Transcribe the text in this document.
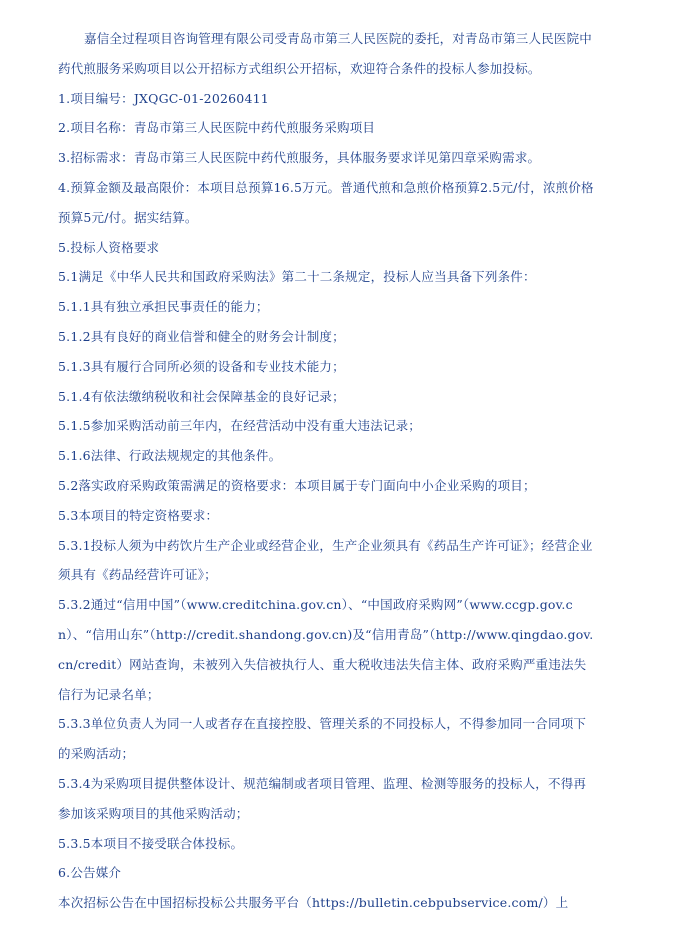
嘉信全过程项目咨询管理有限公司受青岛市第三人民医院的委托，对青岛市第三人民医院中药代煎服务采购项目以公开招标方式组织公开招标，欢迎符合条件的投标人参加投标。

1.项目编号：JXQGC-01-20260411

2.项目名称：青岛市第三人民医院中药代煎服务采购项目

3.招标需求：青岛市第三人民医院中药代煎服务，具体服务要求详见第四章采购需求。

4.预算金额及最高限价：本项目总预算16.5万元。普通代煎和急煎价格预算2.5元/付，浓煎价格预算5元/付。据实结算。

5.投标人资格要求

5.1满足《中华人民共和国政府采购法》第二十二条规定，投标人应当具备下列条件：

5.1.1具有独立承担民事责任的能力；

5.1.2具有良好的商业信誉和健全的财务会计制度；

5.1.3具有履行合同所必须的设备和专业技术能力；

5.1.4有依法缴纳税收和社会保障基金的良好记录；

5.1.5参加采购活动前三年内，在经营活动中没有重大违法记录；

5.1.6法律、行政法规规定的其他条件。

5.2落实政府采购政策需满足的资格要求：本项目属于专门面向中小企业采购的项目；

5.3本项目的特定资格要求：

5.3.1投标人须为中药饮片生产企业或经营企业，生产企业须具有《药品生产许可证》；经营企业须具有《药品经营许可证》；

5.3.2通过“信用中国”（www.creditchina.gov.cn）、“中国政府采购网”（www.ccgp.gov.cn）、“信用山东”（http://credit.shandong.gov.cn)及“信用青岛”（http://www.qingdao.gov.cn/credit）网站查询，未被列入失信被执行人、重大税收违法失信主体、政府采购严重违法失信行为记录名单；

5.3.3单位负责人为同一人或者存在直接控股、管理关系的不同投标人，不得参加同一合同项下的采购活动；

5.3.4为采购项目提供整体设计、规范编制或者项目管理、监理、检测等服务的投标人，不得再参加该采购项目的其他采购活动；

5.3.5本项目不接受联合体投标。

6.公告媒介

本次招标公告在中国招标投标公共服务平台（https://bulletin.cebpubservice.com/）上
